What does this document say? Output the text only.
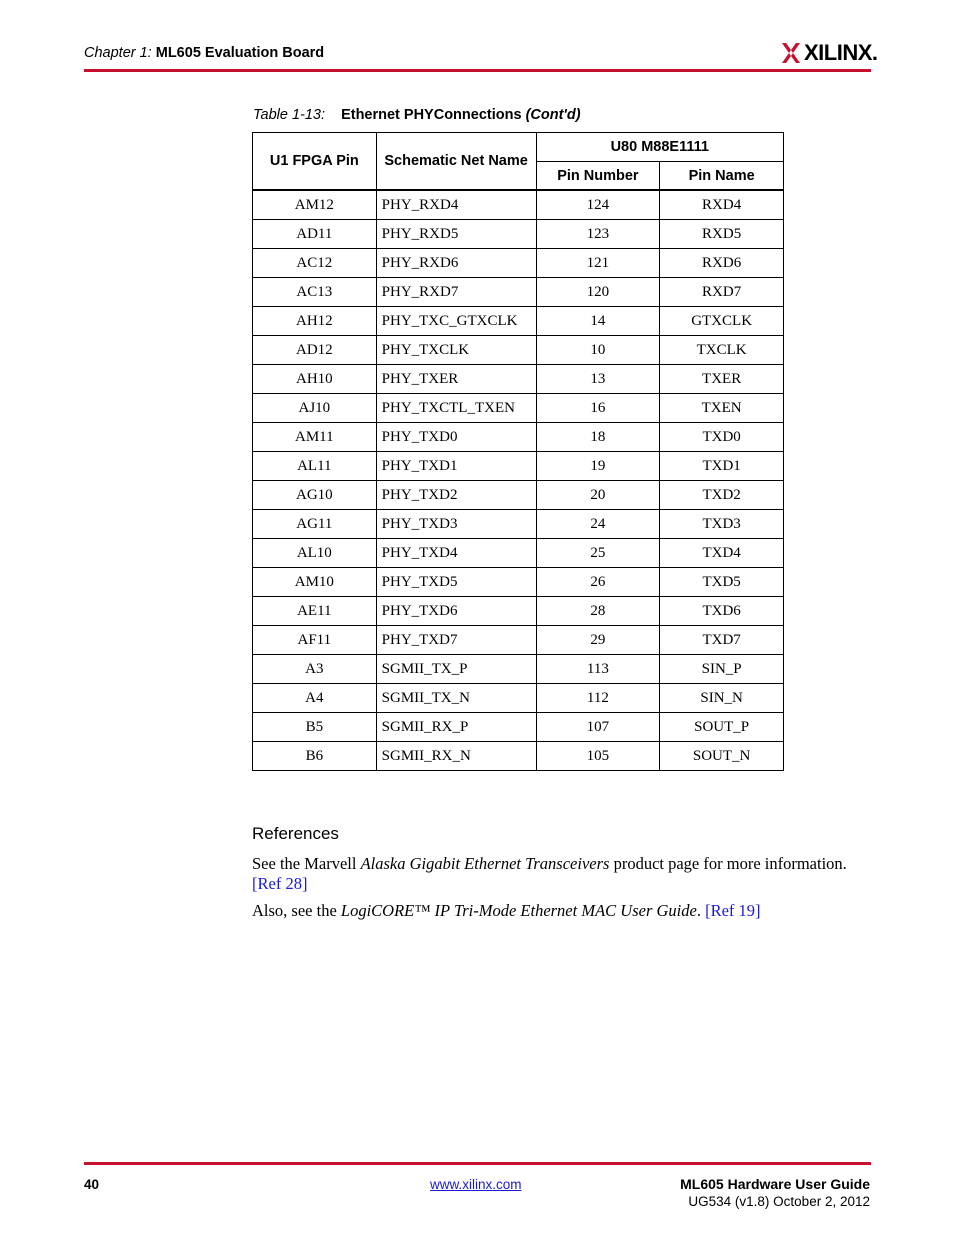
Chapter 1: ML605 Evaluation Board	XILINX.
Table 1-13: Ethernet PHYConnections (Cont'd)
U1 FPGA Pin	Schematic Net Name	U80 M88E1111	
		Pin Number	Pin Name
AM12	PHY_RXD4	124	RXD4
AD11	PHY_RXD5	123	RXD5
AC12	PHY_RXD6	121	RXD6
AC13	PHY_RXD7	120	RXD7
AH12	PHY_TXC_GTXCLK	14	GTXCLK
AD12	PHY_TXCLK	10	TXCLK
AH10	PHY_TXER	13	TXER
AJ10	PHY_TXCTL_TXEN	16	TXEN
AM11	PHY_TXD0	18	TXD0
AL11	PHY_TXD1	19	TXD1
AG10	PHY_TXD2	20	TXD2
AG11	PHY_TXD3	24	TXD3
AL10	PHY_TXD4	25	TXD4
AM10	PHY_TXD5	26	TXD5
AE11	PHY_TXD6	28	TXD6
AF11	PHY_TXD7	29	TXD7
A3	SGMII_TX_P	113	SIN_P
A4	SGMII_TX_N	112	SIN_N
B5	SGMII_RX_P	107	SOUT_P
B6	SGMII_RX_N	105	SOUT_N
References
See the Marvell Alaska Gigabit Ethernet Transceivers product page for more information.
[Ref 28]
Also, see the LogiCORE™ IP Tri-Mode Ethernet MAC User Guide. [Ref 19]
40	www.xilinx.com	ML605 Hardware User Guide
UG534 (v1.8) October 2, 2012
